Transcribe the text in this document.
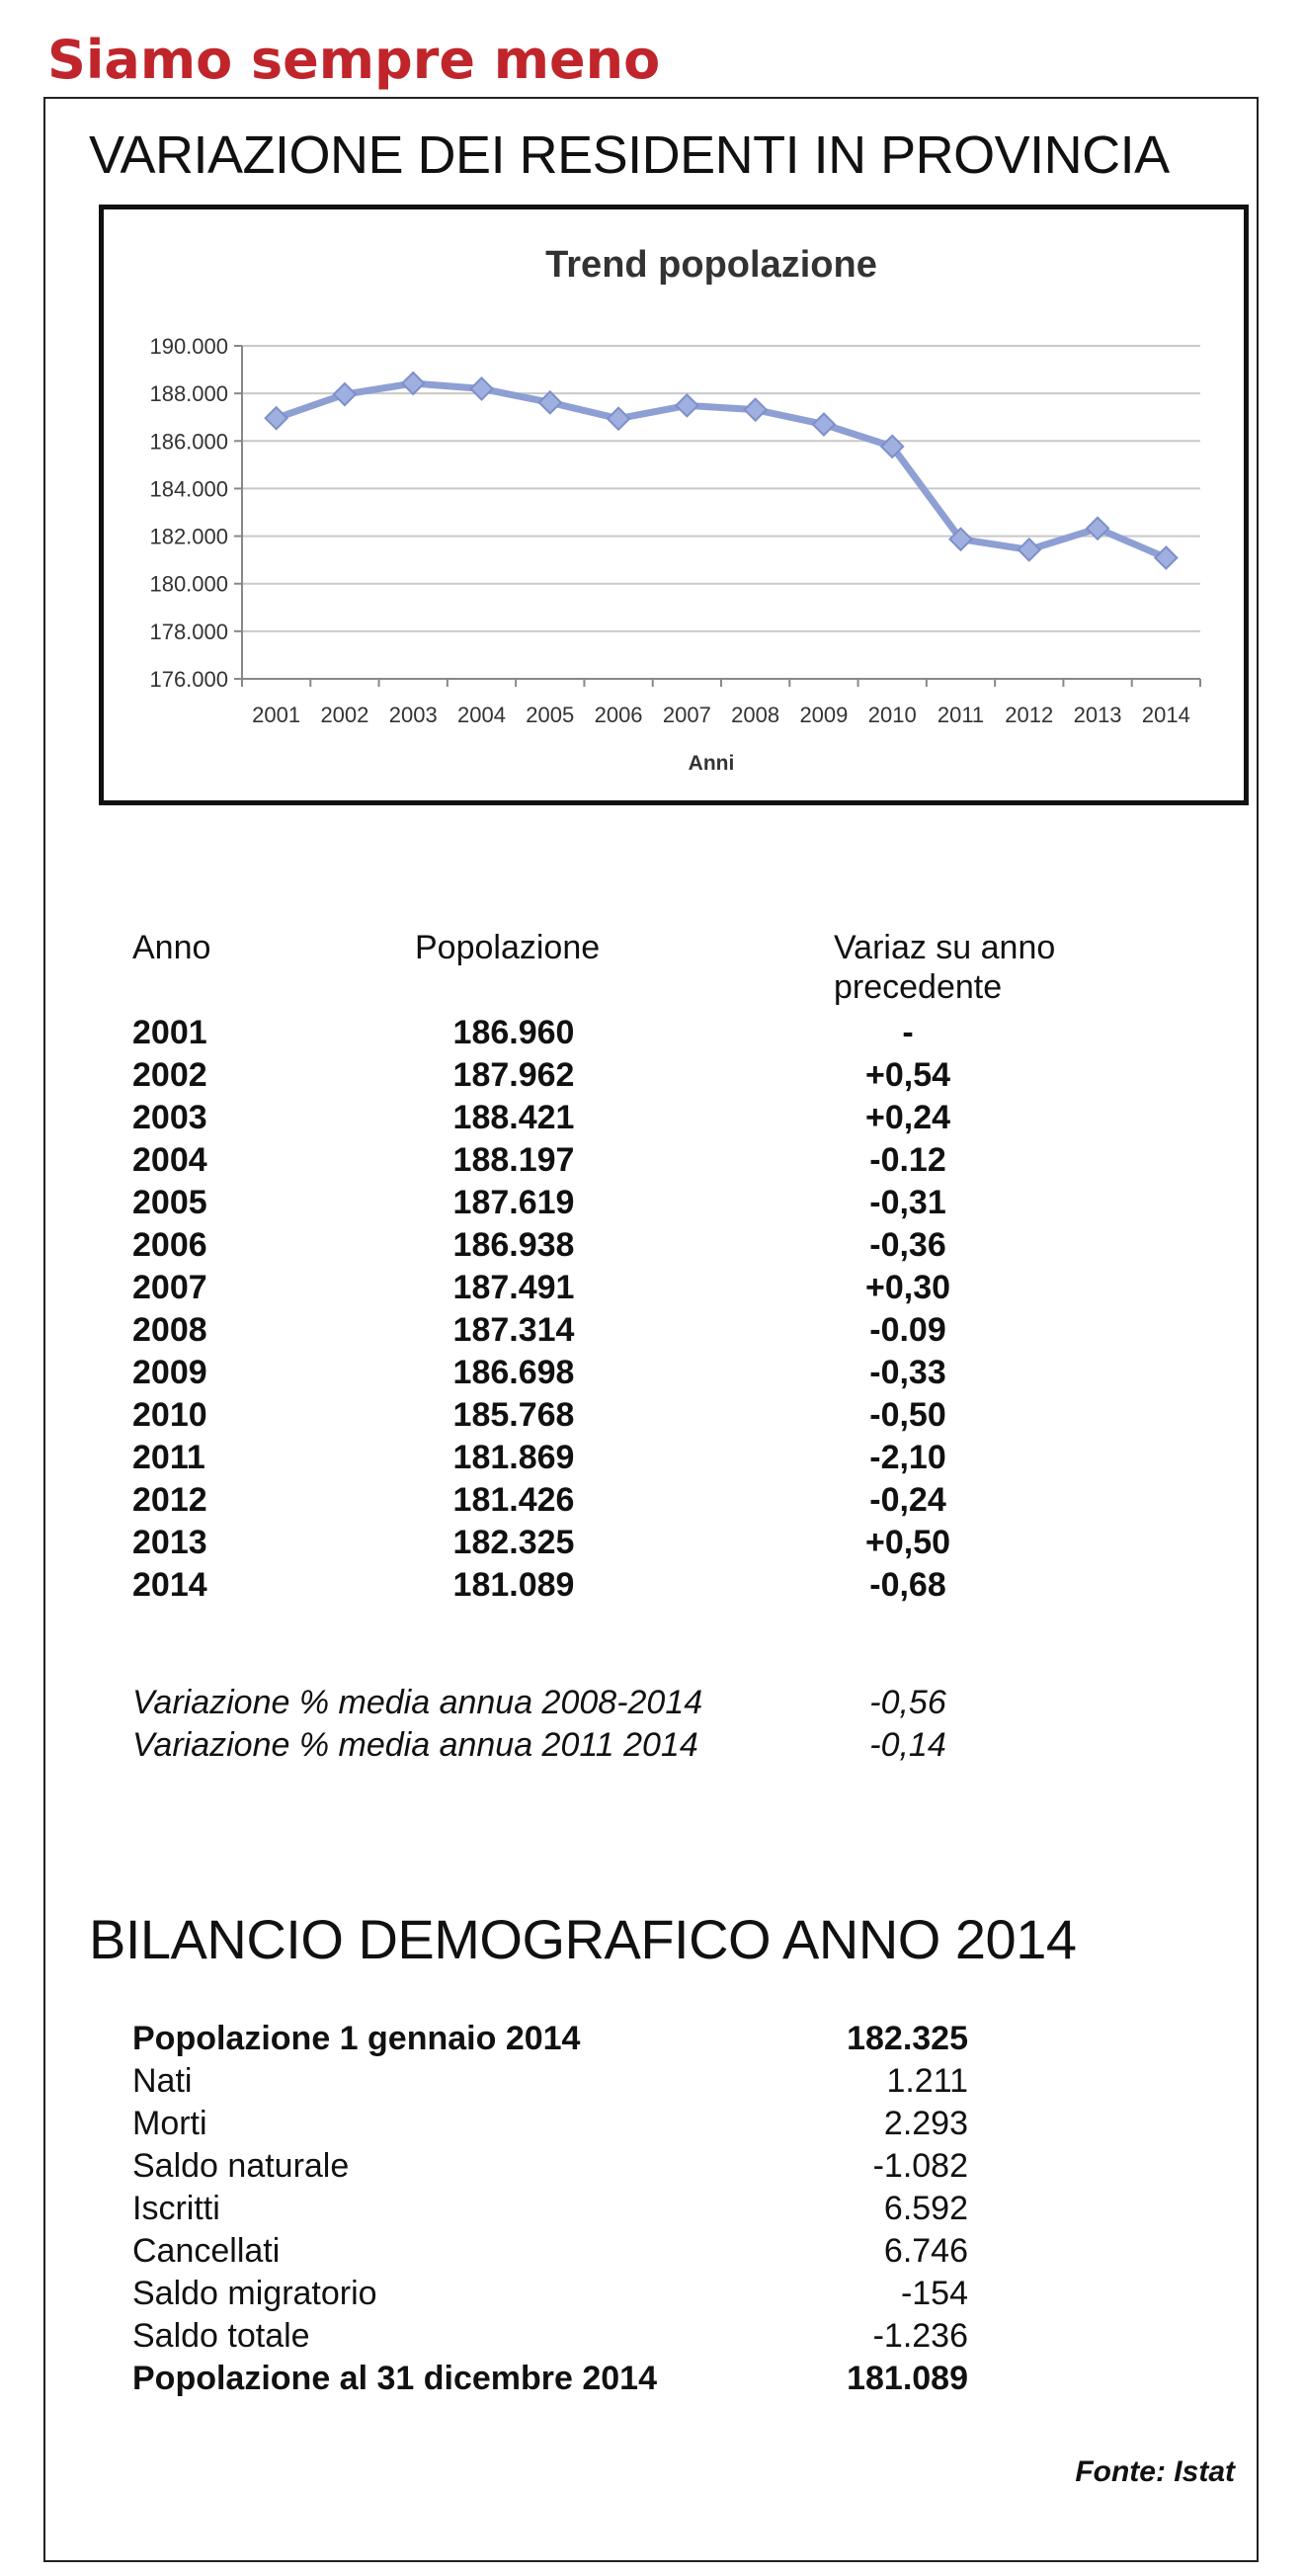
Siamo sempre meno
VARIAZIONE DEI RESIDENTI IN PROVINCIA
Trend popolazione
190.000
188.000
186.000
184.000
182.000
180.000
178.000
176.000
2001 2002 2003 2004 2005 2006 2007 2008 2009 2010 2011 2012 2013 2014
Anni
Anno	Popolazione	Variaz su anno
precedente
2001	186.960	-
2002	187.962	+0,54
2003	188.421	+0,24
2004	188.197	-0.12
2005	187.619	-0,31
2006	186.938	-0,36
2007	187.491	+0,30
2008	187.314	-0.09
2009	186.698	-0,33
2010	185.768	-0,50
2011	181.869	-2,10
2012	181.426	-0,24
2013	182.325	+0,50
2014	181.089	-0,68
Variazione % media annua 2008-2014	-0,56
Variazione % media annua 2011 2014	-0,14
BILANCIO DEMOGRAFICO ANNO 2014
Popolazione 1 gennaio 2014	182.325
Nati	1.211
Morti	2.293
Saldo naturale	-1.082
Iscritti	6.592
Cancellati	6.746
Saldo migratorio	-154
Saldo totale	-1.236
Popolazione al 31 dicembre 2014	181.089
Fonte: Istat
